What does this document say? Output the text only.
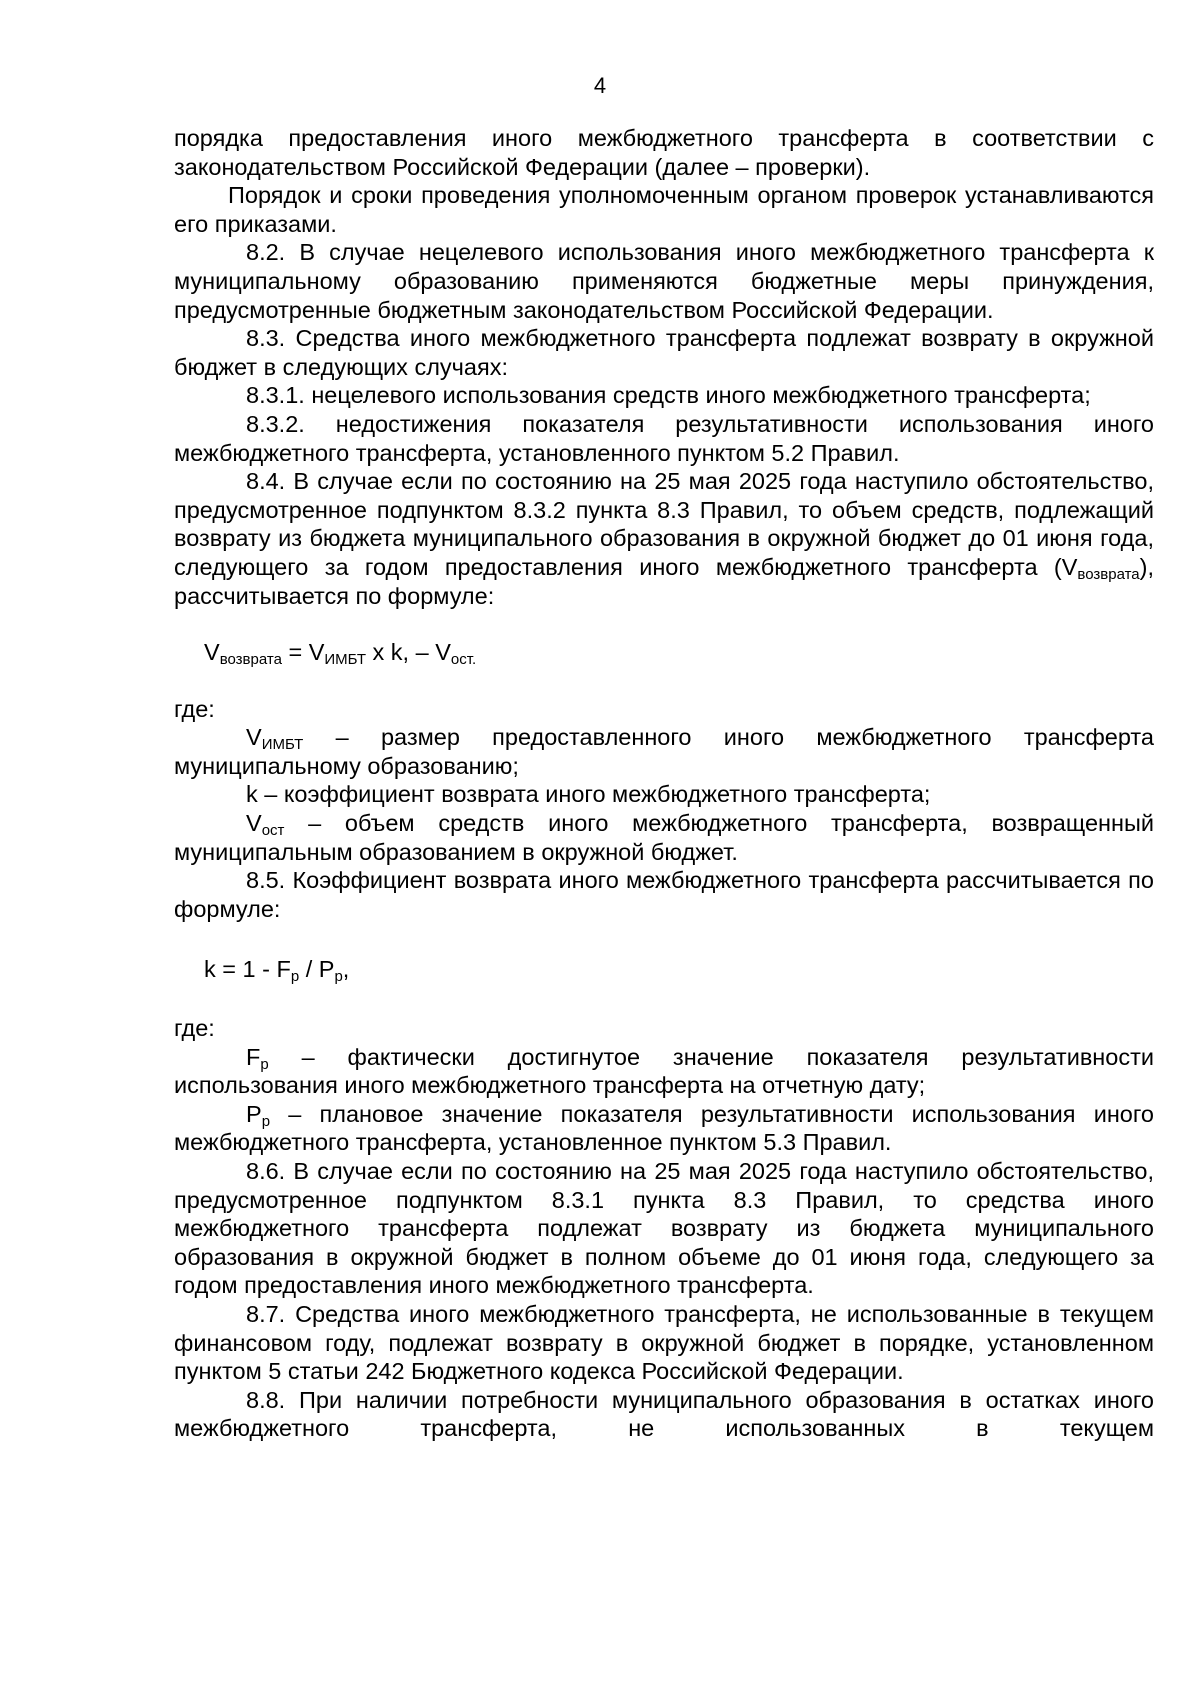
4

порядка предоставления иного межбюджетного трансферта в соответствии с законодательством Российской Федерации (далее – проверки).

Порядок и сроки проведения уполномоченным органом проверок устанавливаются его приказами.

8.2. В случае нецелевого использования иного межбюджетного трансферта к муниципальному образованию применяются бюджетные меры принуждения, предусмотренные бюджетным законодательством Российской Федерации.

8.3. Средства иного межбюджетного трансферта подлежат возврату в окружной бюджет в следующих случаях:

8.3.1. нецелевого использования средств иного межбюджетного трансферта;

8.3.2. недостижения показателя результативности использования иного межбюджетного трансферта, установленного пунктом 5.2 Правил.

8.4. В случае если по состоянию на 25 мая 2025 года наступило обстоятельство, предусмотренное подпунктом 8.3.2 пункта 8.3 Правил, то объем средств, подлежащий возврату из бюджета муниципального образования в окружной бюджет до 01 июня года, следующего за годом предоставления иного межбюджетного трансферта $(V_{возврата})$, рассчитывается по формуле:

$V_{возврата} = V_{ИМБТ}$ x k, – $V_{ост.}$

где:

$V_{ИМБТ}$ – размер предоставленного иного межбюджетного трансферта муниципальному образованию;

k – коэффициент возврата иного межбюджетного трансферта;

$V_{ост}$ – объем средств иного межбюджетного трансферта, возвращенный муниципальным образованием в окружной бюджет.

8.5. Коэффициент возврата иного межбюджетного трансферта рассчитывается по формуле:

$k = 1 - F_р / P_р$,

где:

$F_р$ – фактически достигнутое значение показателя результативности использования иного межбюджетного трансферта на отчетную дату;

$P_р$ – плановое значение показателя результативности использования иного межбюджетного трансферта, установленное пунктом 5.3 Правил.

8.6. В случае если по состоянию на 25 мая 2025 года наступило обстоятельство, предусмотренное подпунктом 8.3.1 пункта 8.3 Правил, то средства иного межбюджетного трансферта подлежат возврату из бюджета муниципального образования в окружной бюджет в полном объеме до 01 июня года, следующего за годом предоставления иного межбюджетного трансферта.

8.7. Средства иного межбюджетного трансферта, не использованные в текущем финансовом году, подлежат возврату в окружной бюджет в порядке, установленном пунктом 5 статьи 242 Бюджетного кодекса Российской Федерации.

8.8. При наличии потребности муниципального образования в остатках иного межбюджетного трансферта, не использованных в текущем
